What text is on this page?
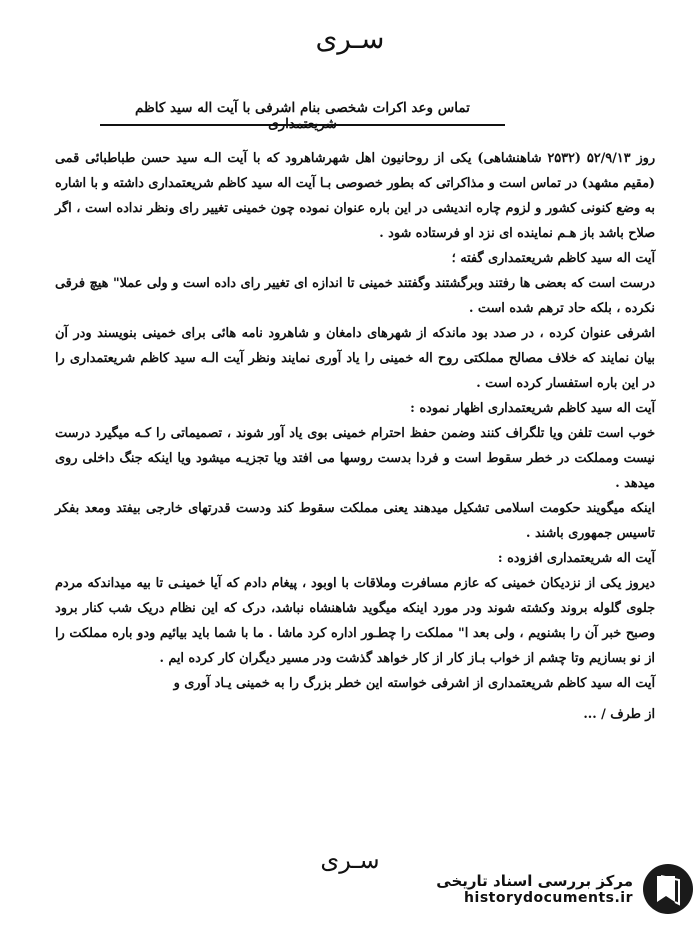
سـری
تماس وعد اکرات شخصی بنام اشرفی با آیت اله سید کاظم شریعتمداری

روز ۵۲/۹/۱۳ (۲۵۳۲ شاهنشاهی) یکی از روحانیون اهل شهرشاهرود که با آیت الـه سید حسن طباطبائی قمی (مقیم مشهد) در تماس است و مذاکراتی که بطور خصوصی بـا آیت اله سید کاظم شریعتمداری داشته و با اشاره به وضع کنونی کشور و لزوم چاره اندیشی در این باره عنوان نموده چون خمینی تغییر رای ونظر نداده است ، اگر صلاح باشد باز هـم نماینده ای نزد او فرستاده شود .

آیت اله سید کاظم شریعتمداری گفته ؛

درست است که بعضی ها رفتند وبرگشتند وگفتند خمینی تا اندازه ای تغییر رای داده است و ولی عملا" هیچ فرقی نکرده ، بلکه حاد ترهم شده است .

اشرفی عنوان کرده ، در صدد بود ماندکه از شهرهای دامغان و شاهرود نامه هائی برای خمینی بنویسند ودر آن بیان نمایند که خلاف مصالح مملکتی روح اله خمینی را یاد آوری نمایند ونظر آیت الـه سید کاظم شریعتمداری را در این باره استفسار کرده است .

آیت اله سید کاظم شریعتمداری اظهار نموده :

خوب است تلفن ویا تلگراف کنند وضمن حفظ احترام خمینی بوی یاد آور شوند ، تصمیماتی را کـه میگیرد درست نیست ومملکت در خطر سقوط است و فردا بدست روسها می افتد ویا تجزیـه میشود ویا اینکه جنگ داخلی روی میدهد .

اینکه میگویند حکومت اسلامی تشکیل میدهند یعنی مملکت سقوط کند ودست قدرتهای خارجی بیفتد ومعد بفکر تاسیس جمهوری باشند .

آیت اله شریعتمداری افزوده :

دیروز یکی از نزدیکان خمینی که عازم مسافرت وملاقات با اوبود ، پیغام دادم که آیا خمینـی تا بیه میداندکه مردم جلوی گلوله بروند وکشته شوند ودر مورد اینکه میگوید شاهنشاه نباشد، درک که این نظام دریک شب کنار برود وصبح خبر آن را بشنویم ، ولی بعد ا" مملکت را چطـور اداره کرد ماشا . ما با شما باید بیائیم ودو باره مملکت را از نو بسازیم وتا چشم از خواب بـاز کار از کار خواهد گذشت ودر مسیر دیگران کار کرده ایم .

آیت اله سید کاظم شریعتمداری از اشرفی خواسته این خطر بزرگ را به خمینی یـاد آوری و

از طرف / ...

سـری
مرکز بررسی اسناد تاریخی
historydocuments.ir
